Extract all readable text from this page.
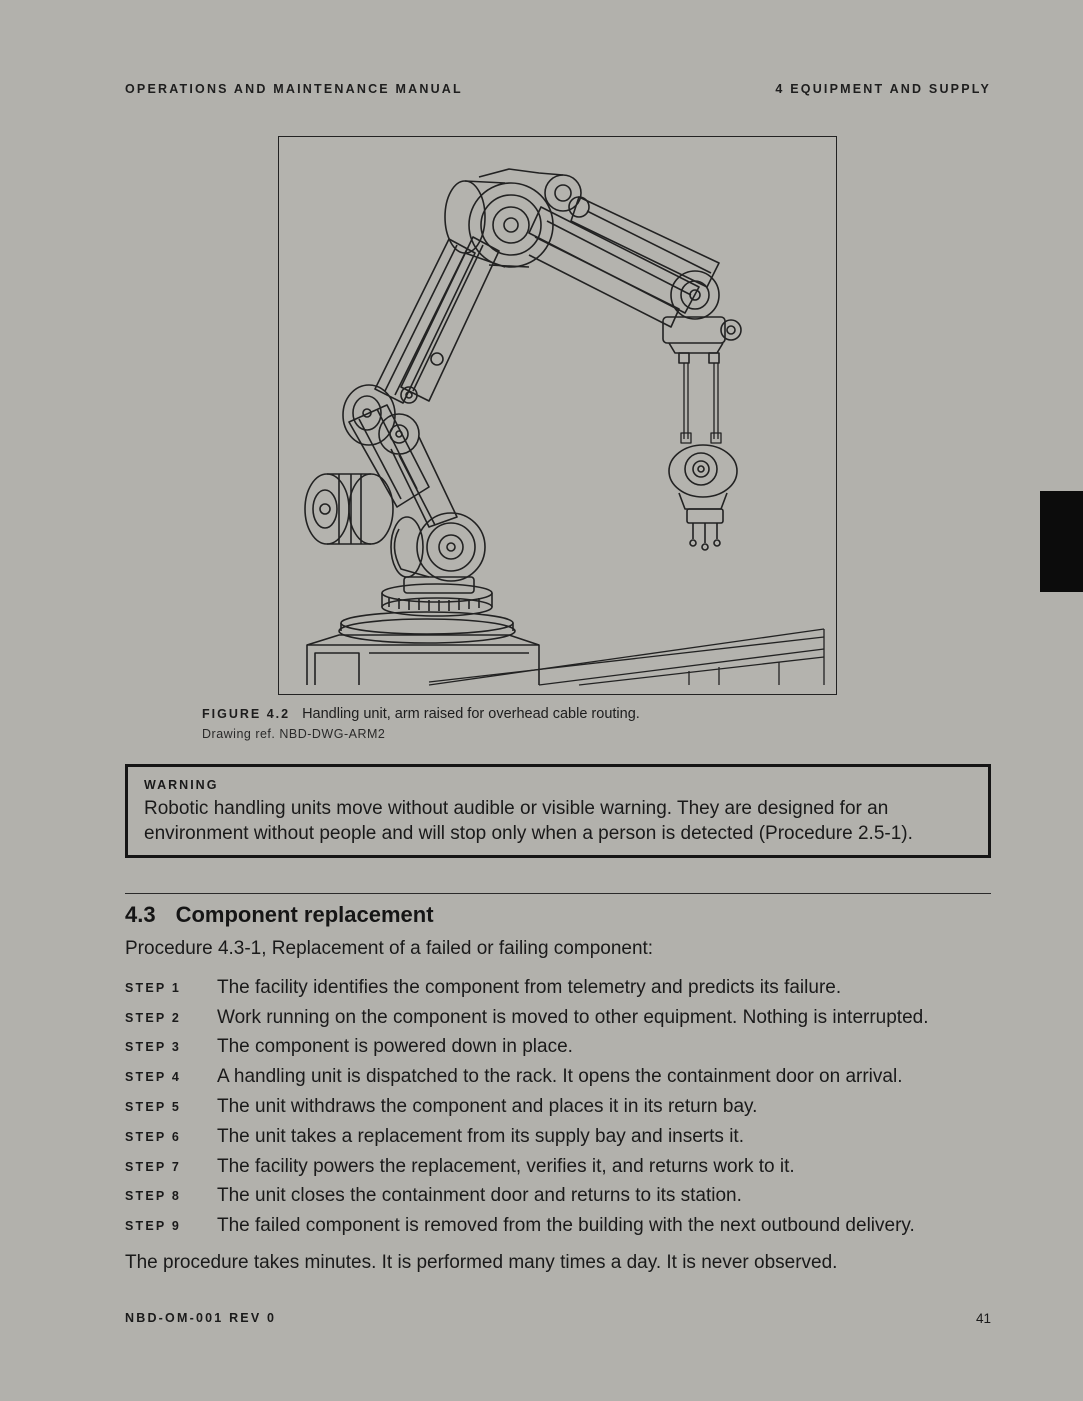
OPERATIONS AND MAINTENANCE MANUAL	4 EQUIPMENT AND SUPPLY
FIGURE 4.2 Handling unit, arm raised for overhead cable routing.
Drawing ref. NBD-DWG-ARM2
WARNING
Robotic handling units move without audible or visible warning. They are designed for an environment without people and will stop only when a person is detected (Procedure 2.5-1).
4.3 Component replacement
Procedure 4.3-1, Replacement of a failed or failing component:
STEP 1	The facility identifies the component from telemetry and predicts its failure.
STEP 2	Work running on the component is moved to other equipment. Nothing is interrupted.
STEP 3	The component is powered down in place.
STEP 4	A handling unit is dispatched to the rack. It opens the containment door on arrival.
STEP 5	The unit withdraws the component and places it in its return bay.
STEP 6	The unit takes a replacement from its supply bay and inserts it.
STEP 7	The facility powers the replacement, verifies it, and returns work to it.
STEP 8	The unit closes the containment door and returns to its station.
STEP 9	The failed component is removed from the building with the next outbound delivery.
The procedure takes minutes. It is performed many times a day. It is never observed.
NBD-OM-001 REV 0	41
